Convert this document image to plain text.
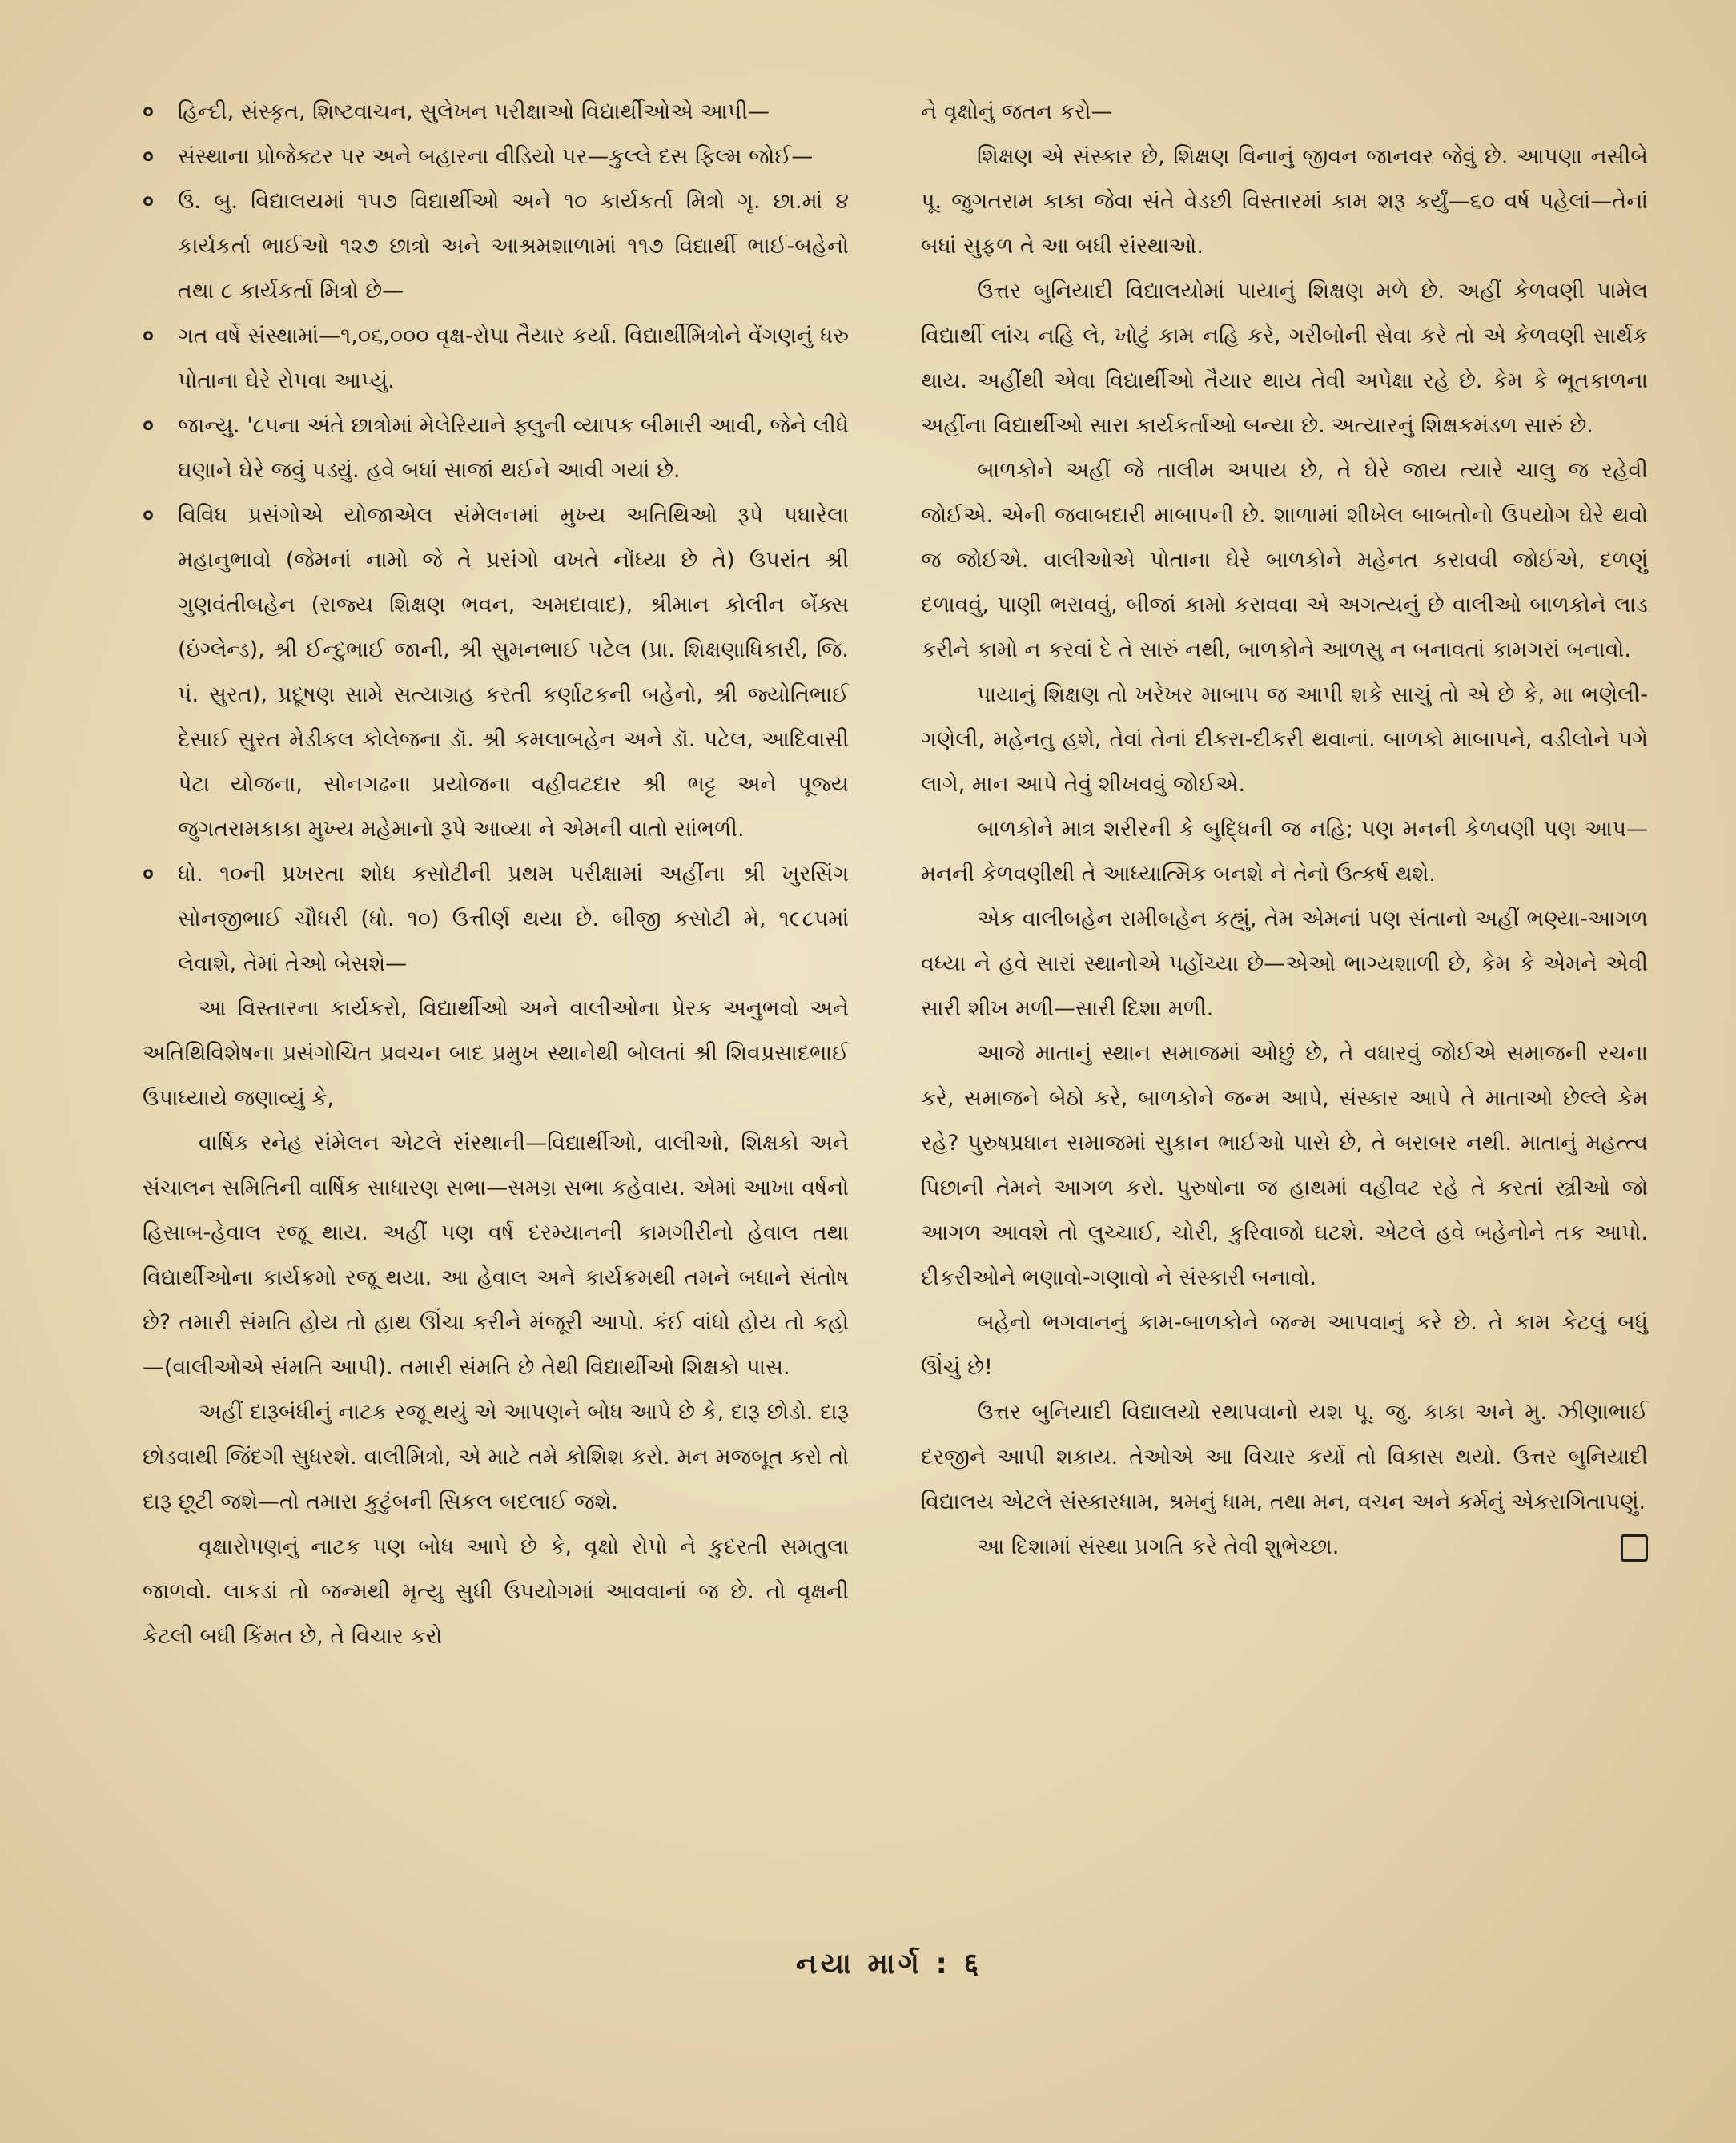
० હિન્દી, સંસ્કૃત, શિષ્ટવાચન, સુલેખન પરીક્ષાઓ વિદ્યાર્થીઓએ આપી—
० સંસ્થાના પ્રોજેક્ટર પર અને બહારના વીડિયો પર—કુલ્લે દસ ફિલ્મ જોઈ—
० ઉ. બુ. વિદ્યાલયમાં ૧૫૭ વિદ્યાર્થીઓ અને ૧૦ કાર્યકર્તા મિત્રો ગૃ. છા.માં ૪ કાર્યકર્તા ભાઈઓ ૧૨૭ છાત્રો અને આશ્રમશાળામાં ૧૧૭ વિદ્યાર્થી ભાઈ-બહેનો તથા ૮ કાર્યકર્તા મિત્રો છે—
० ગત વર્ષે સંસ્થામાં—૧,૦૬,૦૦૦ વૃક્ષ-રોપા તૈયાર કર્યા. વિદ્યાર્થીમિત્રોને વેંગણનું ધરુ પોતાના ઘેરે રોપવા આપ્યું.
० જાન્યુ. '૮૫ના અંતે છાત્રોમાં મેલેરિયાને ફ્લુની વ્યાપક બીમારી આવી, જેને લીધે ઘણાને ઘેરે જવું પડ્યું. હવે બધાં સાજાં થઈને આવી ગયાં છે.
० વિવિધ પ્રસંગોએ યોજાએલ સંમેલનમાં મુખ્ય અતિથિઓ રૂપે પધારેલા મહાનુભાવો (જેમનાં નામો જે તે પ્રસંગો વખતે નોંધ્યા છે તે) ઉપરાંત શ્રી ગુણવંતીબહેન (રાજ્ય શિક્ષણ ભવન, અમદાવાદ), શ્રીમાન કોલીન બેંક્સ (ઇંગ્લેન્ડ), શ્રી ઈન્દુભાઈ જાની, શ્રી સુમનભાઈ પટેલ (પ્રા. શિક્ષણાધિકારી, જિ. પં. સુરત), પ્રદૂષણ સામે સત્યાગ્રહ કરતી કર્ણાટકની બહેનો, શ્રી જ્યોતિભાઈ દેસાઈ સુરત મેડીકલ કોલેજના ડૉ. શ્રી કમલાબહેન અને ડૉ. પટેલ, આદિવાસી પેટા યોજના, સોનગઢના પ્રયોજના વહીવટદાર શ્રી ભટ્ટ અને પૂજ્ય જુગતરામકાકા મુખ્ય મહેમાનો રૂપે આવ્યા ને એમની વાતો સાંભળી.
० ધો. ૧૦ની પ્રખરતા શોધ કસોટીની પ્રથમ પરીક્ષામાં અહીંના શ્રી ખુરસિંગ સોનજીભાઈ ચૌધરી (ધો. ૧૦) ઉત્તીર્ણ થયા છે. બીજી કસોટી મે, ૧૯૮૫માં લેવાશે, તેમાં તેઓ બેસશે—

આ વિસ્તારના કાર્યકરો, વિદ્યાર્થીઓ અને વાલીઓના પ્રેરક અનુભવો અને અતિથિવિશેષના પ્રસંગોચિત પ્રવચન બાદ પ્રમુખ સ્થાનેથી બોલતાં શ્રી શિવપ્રસાદભાઈ ઉપાધ્યાયે જણાવ્યું કે,

વાર્ષિક સ્નેહ સંમેલન એટલે સંસ્થાની—વિદ્યાર્થીઓ, વાલીઓ, શિક્ષકો અને સંચાલન સમિતિની વાર્ષિક સાધારણ સભા—સમગ્ર સભા કહેવાય. એમાં આખા વર્ષનો હિસાબ-હેવાલ રજૂ થાય. અહીં પણ વર્ષ દરમ્યાનની કામગીરીનો હેવાલ તથા વિદ્યાર્થીઓના કાર્યક્રમો રજૂ થયા. આ હેવાલ અને કાર્યક્રમથી તમને બધાને સંતોષ છે? તમારી સંમતિ હોય તો હાથ ઊંચા કરીને મંજૂરી આપો. કંઈ વાંધો હોય તો કહો—(વાલીઓએ સંમતિ આપી). તમારી સંમતિ છે તેથી વિદ્યાર્થીઓ શિક્ષકો પાસ.

અહીં દારૂબંધીનું નાટક રજૂ થયું એ આપણને બોધ આપે છે કે, દારૂ છોડો. દારૂ છોડવાથી જિંદગી સુધરશે. વાલીમિત્રો, એ માટે તમે કોશિશ કરો. મન મજબૂત કરો તો દારૂ છૂટી જશે—તો તમારા કુટુંબની સિકલ બદલાઈ જશે.

વૃક્ષારોપણનું નાટક પણ બોધ આપે છે કે, વૃક્ષો રોપો ને કુદરતી સમતુલા જાળવો. લાકડાં તો જન્મથી મૃત્યુ સુધી ઉપયોગમાં આવવાનાં જ છે. તો વૃક્ષની કેટલી બધી કિંમત છે, તે વિચાર કરો

ને વૃક્ષોનું જતન કરો—

શિક્ષણ એ સંસ્કાર છે, શિક્ષણ વિનાનું જીવન જાનવર જેવું છે. આપણા નસીબે પૂ. જુગતરામ કાકા જેવા સંતે વેડછી વિસ્તારમાં કામ શરૂ કર્યું—૬૦ વર્ષ પહેલાં—તેનાં બધાં સુફળ તે આ બધી સંસ્થાઓ.

ઉત્તર બુનિયાદી વિદ્યાલયોમાં પાયાનું શિક્ષણ મળે છે. અહીં કેળવણી પામેલ વિદ્યાર્થી લાંચ નહિ લે, ખોટું કામ નહિ કરે, ગરીબોની સેવા કરે તો એ કેળવણી સાર્થક થાય. અહીંથી એવા વિદ્યાર્થીઓ તૈયાર થાય તેવી અપેક્ષા રહે છે. કેમ કે ભૂતકાળના અહીંના વિદ્યાર્થીઓ સારા કાર્યકર્તાઓ બન્યા છે. અત્યારનું શિક્ષકમંડળ સારું છે.

બાળકોને અહીં જે તાલીમ અપાય છે, તે ઘેરે જાય ત્યારે ચાલુ જ રહેવી જોઈએ. એની જવાબદારી માબાપની છે. શાળામાં શીખેલ બાબતોનો ઉપયોગ ઘેરે થવો જ જોઈએ. વાલીઓએ પોતાના ઘેરે બાળકોને મહેનત કરાવવી જોઈએ, દળણું દળાવવું, પાણી ભરાવવું, બીજાં કામો કરાવવા એ અગત્યનું છે વાલીઓ બાળકોને લાડ કરીને કામો ન કરવાં દે તે સારું નથી, બાળકોને આળસુ ન બનાવતાં કામગરાં બનાવો.

પાયાનું શિક્ષણ તો ખરેખર માબાપ જ આપી શકે સાચું તો એ છે કે, મા ભણેલી-ગણેલી, મહેનતુ હશે, તેવાં તેનાં દીકરા-દીકરી થવાનાં. બાળકો માબાપને, વડીલોને પગે લાગે, માન આપે તેવું શીખવવું જોઈએ.

બાળકોને માત્ર શરીરની કે બુદ્ધિની જ નહિ; પણ મનની કેળવણી પણ આપ—મનની કેળવણીથી તે આધ્યાત્મિક બનશે ને તેનો ઉત્કર્ષ થશે.

એક વાલીબહેન રામીબહેન કહ્યું, તેમ એમનાં પણ સંતાનો અહીં ભણ્યા-આગળ વધ્યા ને હવે સારાં સ્થાનોએ પહોંચ્યા છે—એઓ ભાગ્યશાળી છે, કેમ કે એમને એવી સારી શીખ મળી—સારી દિશા મળી.

આજે માતાનું સ્થાન સમાજમાં ઓછું છે, તે વધારવું જોઈએ સમાજની રચના કરે, સમાજને બેઠો કરે, બાળકોને જન્મ આપે, સંસ્કાર આપે તે માતાઓ છેલ્લે કેમ રહે? પુરુષપ્રધાન સમાજમાં સુકાન ભાઈઓ પાસે છે, તે બરાબર નથી. માતાનું મહત્ત્વ પિછાની તેમને આગળ કરો. પુરુષોના જ હાથમાં વહીવટ રહે તે કરતાં સ્ત્રીઓ જો આગળ આવશે તો લુચ્ચાઈ, ચોરી, કુરિવાજો ઘટશે. એટલે હવે બહેનોને તક આપો. દીકરીઓને ભણાવો-ગણાવો ને સંસ્કારી બનાવો.

બહેનો ભગવાનનું કામ-બાળકોને જન્મ આપવાનું કરે છે. તે કામ કેટલું બધું ઊંચું છે!

ઉત્તર બુનિયાદી વિદ્યાલયો સ્થાપવાનો યશ પૂ. જુ. કાકા અને મુ. ઝીણાભાઈ દરજીને આપી શકાય. તેઓએ આ વિચાર કર્યો તો વિકાસ થયો. ઉત્તર બુનિયાદી વિદ્યાલય એટલે સંસ્કારધામ, શ્રમનું ધામ, તથા મન, વચન અને કર્મનું એકરાગિતાપણું.

આ દિશામાં સંસ્થા પ્રગતિ કરે તેવી શુભેચ્છા.

નયા માર્ગ : ६
